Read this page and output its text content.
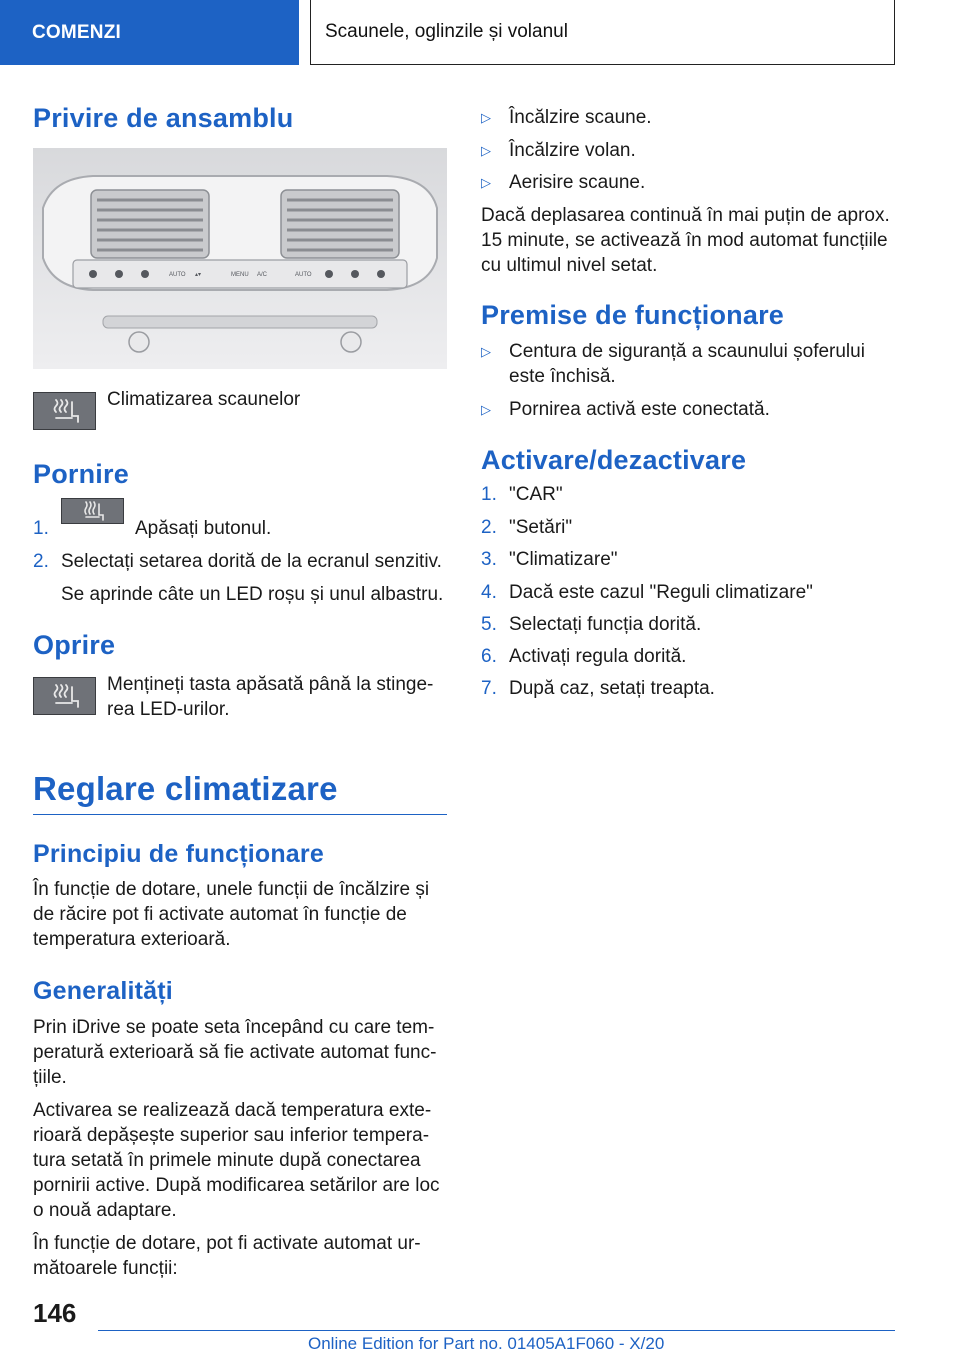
COMENZI	Scaunele, oglinzile și volanul
Privire de ansamblu
AUTO ▴▾	MENU A/C	AUTO

Climatizarea scaunelor

Pornire
1.	Apăsați butonul.

2. Selectați setarea dorită de la ecranul senzitiv.

Se aprinde câte un LED roșu și unul albastru.

Oprire

Mențineți tasta apăsată până la stinge-

rea LED-urilor.

Reglare climatizare
Principiu de funcționare

În funcție de dotare, unele funcții de încălzire și

de răcire pot fi activate automat în funcție de

temperatura exterioară.

Generalități

Prin iDrive se poate seta începând cu care tem-

peratură exterioară să fie activate automat func-

țiile.

Activarea se realizează dacă temperatura exte-

rioară depășește superior sau inferior tempera-

tura setată în primele minute după conectarea

pornirii active. După modificarea setărilor are loc

o nouă adaptare.

În funcție de dotare, pot fi activate automat ur-

mătoarele funcții:

▷ Încălzire scaune.

▷ Încălzire volan.

▷ Aerisire scaune.

Dacă deplasarea continuă în mai puțin de aprox.

15 minute, se activează în mod automat funcțiile

cu ultimul nivel setat.

Premise de funcționare
▷ Centura de siguranță a scaunului șoferului

este închisă.

▷ Pornirea activă este conectată.

Activare/dezactivare
1. "CAR"

2. "Setări"

3. "Climatizare"

4. Dacă este cazul "Reguli climatizare"

5. Selectați funcția dorită.

6. Activați regula dorită.

7. După caz, setați treapta.

146
Online Edition for Part no. 01405A1F060 - X/20
